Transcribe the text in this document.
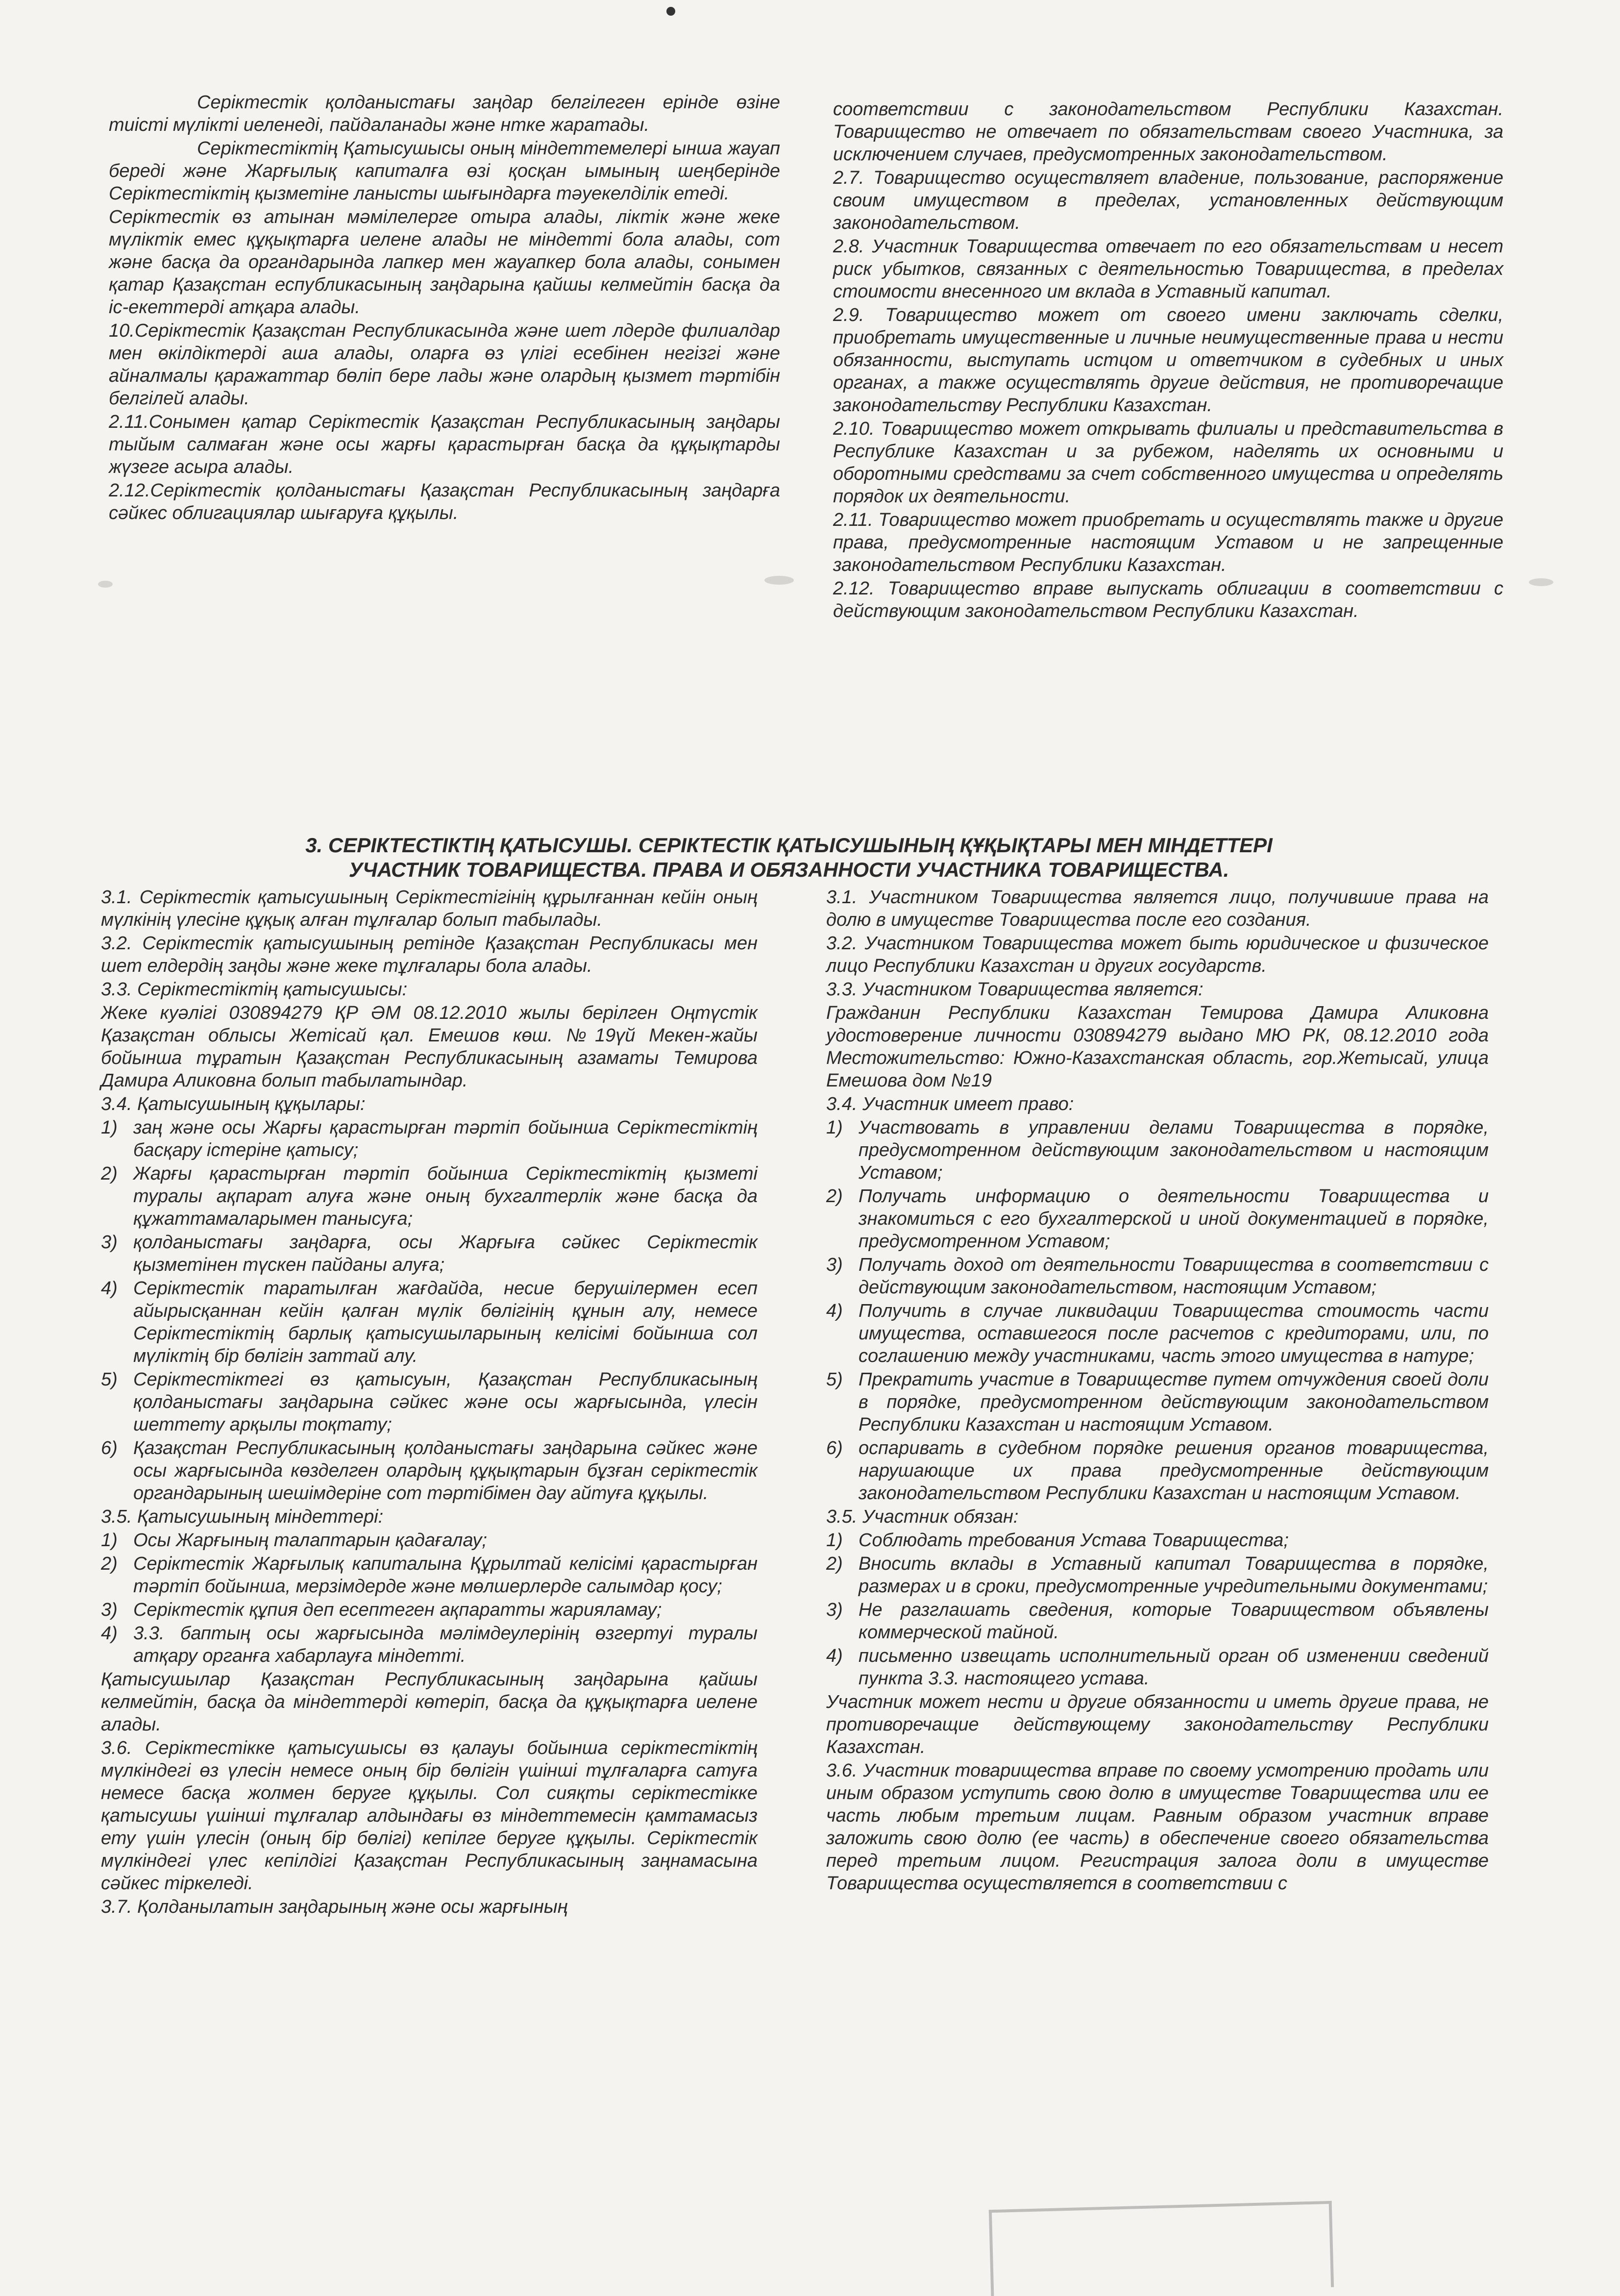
Серіктестік қолданыстағы заңдар белгілеген ​ерінде өзіне тиісті мүлікті иеленеді, пайдаланады және ​нтке жаратады.

Серіктестіктің Қатысушысы оның міндеттемелері ​ынша жауап береді және Жарғылық капиталға өзі қосқан ​ымының шеңберінде Серіктестіктің қызметіне ​ланысты шығындарға тәуекелділік етеді.

Серіктестік өз атынан мәмілелерге отыра алады, ​ліктік және жеке мүліктік емес құқықтарға иелене алады ​не міндетті бола алады, сот және басқа да органдарында ​лапкер мен жауапкер бола алады, сонымен қатар Қазақстан ​еспубликасының заңдарына қайшы келмейтін басқа да іс-​екеттерді атқара алады.

10.Серіктестік Қазақстан Республикасында және шет ​лдерде филиалдар мен өкілдіктерді аша алады, оларға өз ​үлігі есебінен негізгі және айналмалы қаражаттар бөліп бере ​лады және олардың қызмет тәртібін белгілей алады.

2.11.Сонымен қатар Серіктестік Қазақстан Республикасының ​заңдары тыйым салмаған және осы жарғы қарастырған басқа ​да құқықтарды жүзеге асыра алады.

2.12.Серіктестік қолданыстағы Қазақстан Республикасының заңдарға сәйкес облигациялар шығаруға құқылы.

соответствии с законодательством Республики Казахстан. Товарищество не отвечает по обязательствам своего Участника, за исключением случаев, предусмотренных законодательством.

2.7. Товарищество осуществляет владение, пользование, распоряжение своим имуществом в пределах, установленных действующим законодательством.

2.8. Участник Товарищества отвечает по его обязательствам и несет риск убытков, связанных с деятельностью Товарищества, в пределах стоимости внесенного им вклада в Уставный капитал.

2.9. Товарищество может от своего имени заключать сделки, приобретать имущественные и личные неимущественные права и нести обязанности, выступать истцом и ответчиком в судебных и иных органах, а также осуществлять другие действия, не противоречащие законодательству Республики Казахстан.

2.10. Товарищество может открывать филиалы и представительства в Республике Казахстан и за рубежом, наделять их основными и оборотными средствами за счет собственного имущества и определять порядок их деятельности.

2.11. Товарищество может приобретать и осуществлять также и другие права, предусмотренные настоящим Уставом и не запрещенные законодательством Республики Казахстан.

2.12. Товарищество вправе выпускать облигации в соответствии с действующим законодательством Республики Казахстан.

3. СЕРІКТЕСТІКТІҢ ҚАТЫСУШЫ. СЕРІКТЕСТІК ҚАТЫСУШЫНЫҢ ҚҰҚЫҚТАРЫ МЕН МІНДЕТТЕРІ
УЧАСТНИК ТОВАРИЩЕСТВА. ПРАВА И ОБЯЗАННОСТИ УЧАСТНИКА ТОВАРИЩЕСТВА.

3.1. Серіктестік қатысушының Серіктестігінің құрылғаннан кейін оның мүлкінің үлесіне құқық алған тұлғалар болып табылады.

3.2. Серіктестік қатысушының ретінде Қазақстан Республикасы мен шет елдердің заңды және жеке тұлғалары бола алады.

3.3. Серіктестіктің қатысушысы:

Жеке куәлігі 030894279 ҚР ӘМ 08.12.2010 жылы берілген Оңтүстік Қазақстан облысы Жетісай қал. Емешов көш. №19үй Мекен-жайы бойынша тұратын Қазақстан Республикасының азаматы Темирова Дамира Аликовна болып табылатындар.

3.4. Қатысушының құқылары:

1) заң және осы Жарғы қарастырған тәртіп бойынша Серіктестіктің басқару істеріне қатысу;
2) Жарғы қарастырған тәртіп бойынша Серіктестіктің қызметі туралы ақпарат алуға және оның бухгалтерлік және басқа да құжаттамаларымен танысуға;
3) қолданыстағы заңдарға, осы Жарғыға сәйкес Серіктестік қызметінен түскен пайданы алуға;
4) Серіктестік таратылған жағдайда, несие берушілермен есеп айырысқаннан кейін қалған мүлік бөлігінің құнын алу, немесе Серіктестіктің барлық қатысушыларының келісімі бойынша сол мүліктің бір бөлігін заттай алу.
5) Серіктестіктегі өз қатысуын, Қазақстан Республикасының қолданыстағы заңдарына сәйкес және осы жарғысында, үлесін шеттету арқылы тоқтату;
6) Қазақстан Республикасының қолданыстағы заңдарына сәйкес және осы жарғысында көзделген олардың құқықтарын бұзған серіктестік органдарының шешімдеріне сот тәртібімен дау айтуға құқылы.

3.5. Қатысушының міндеттері:

1) Осы Жарғының талаптарын қадағалау;
2) Серіктестік Жарғылық капиталына Құрылтай келісімі қарастырған тәртіп бойынша, мерзімдерде және мөлшерлерде салымдар қосу;
3) Серіктестік құпия деп есептеген ақпаратты жарияламау;
4) 3.3. баптың осы жарғысында мәлімдеулерінің өзгертуі туралы атқару органға хабарлауға міндетті.

Қатысушылар Қазақстан Республикасының заңдарына қайшы келмейтін, басқа да міндеттерді көтеріп, басқа да құқықтарға иелене алады.

3.6. Серіктестікке қатысушысы өз қалауы бойынша серіктестіктің мүлкіндегі өз үлесін немесе оның бір бөлігін үшінші тұлғаларға сатуға немесе басқа жолмен беруге құқылы. Сол сияқты серіктестікке қатысушы үшінші тұлғалар алдындағы өз міндеттемесін қамтамасыз ету үшін үлесін (оның бір бөлігі) кепілге беруге құқылы. Серіктестік мүлкіндегі үлес кепілдігі Қазақстан Республикасының заңнамасына сәйкес тіркеледі.

3.7. Қолданылатын заңдарының және осы жарғының

3.1. Участником Товарищества является лицо, получившие права на долю в имуществе Товарищества после его создания.

3.2. Участником Товарищества может быть юридическое и физическое лицо Республики Казахстан и других государств.

3.3. Участником Товарищества является:

Гражданин Республики Казахстан Темирова Дамира Аликовна удостоверение личности 030894279 выдано МЮ РК, 08.12.2010 года Местожительство: Южно-Казахстанская область, гор.Жетысай, улица Емешова дом №19

3.4. Участник имеет право:

1) Участвовать в управлении делами Товарищества в порядке, предусмотренном действующим законодательством и настоящим Уставом;
2) Получать информацию о деятельности Товарищества и знакомиться с его бухгалтерской и иной документацией в порядке, предусмотренном Уставом;
3) Получать доход от деятельности Товарищества в соответствии с действующим законодательством, настоящим Уставом;
4) Получить в случае ликвидации Товарищества стоимость части имущества, оставшегося после расчетов с кредиторами, или, по соглашению между участниками, часть этого имущества в натуре;
5) Прекратить участие в Товариществе путем отчуждения своей доли в порядке, предусмотренном действующим законодательством Республики Казахстан и настоящим Уставом.
6) оспаривать в судебном порядке решения органов товарищества, нарушающие их права предусмотренные действующим законодательством Республики Казахстан и настоящим Уставом.

3.5. Участник обязан:

1) Соблюдать требования Устава Товарищества;
2) Вносить вклады в Уставный капитал Товарищества в порядке, размерах и в сроки, предусмотренные учредительными документами;
3) Не разглашать сведения, которые Товариществом объявлены коммерческой тайной.
4) письменно извещать исполнительный орган об изменении сведений пункта 3.3. настоящего устава.

Участник может нести и другие обязанности и иметь другие права, не противоречащие действующему законодательству Республики Казахстан.

3.6. Участник товарищества вправе по своему усмотрению продать или иным образом уступить свою долю в имуществе Товарищества или ее часть любым третьим лицам. Равным образом участник вправе заложить свою долю (ее часть) в обеспечение своего обязательства перед третьим лицом. Регистрация залога доли в имуществе Товарищества осуществляется в соответствии с
